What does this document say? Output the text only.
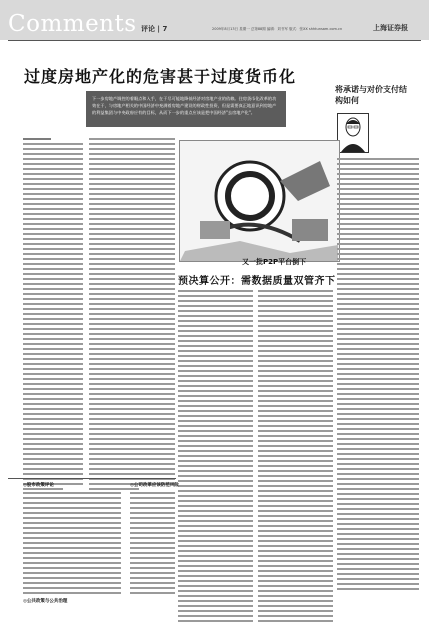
Comments 评论 | 7	2009年8月13日 星期一 总第88期 编辑：刘书军 版式：张XX shhtunsam.com.cn	上海证券报
过度房地产化的危害甚于过度货币化

下一步房地产调控的着眼点和入手，在于尽可能地降低经济对房地产业的依赖。住房货币化改革的功效在于，与房地产相关的中国经济中充满着房地产建设的财政性投资，但是需要真正地意识到房地产的利益集团与中央政府应有的目标，从而下一步的重点应该是把中国经济"去房地产化"。

将承诺与对价支付结构如何
又一批P2P平台倒下
预决算公开：需数据质量双管齐下
◎股市政策评论	◎公司改革应该防范风险
◎公共政策与公共治理
